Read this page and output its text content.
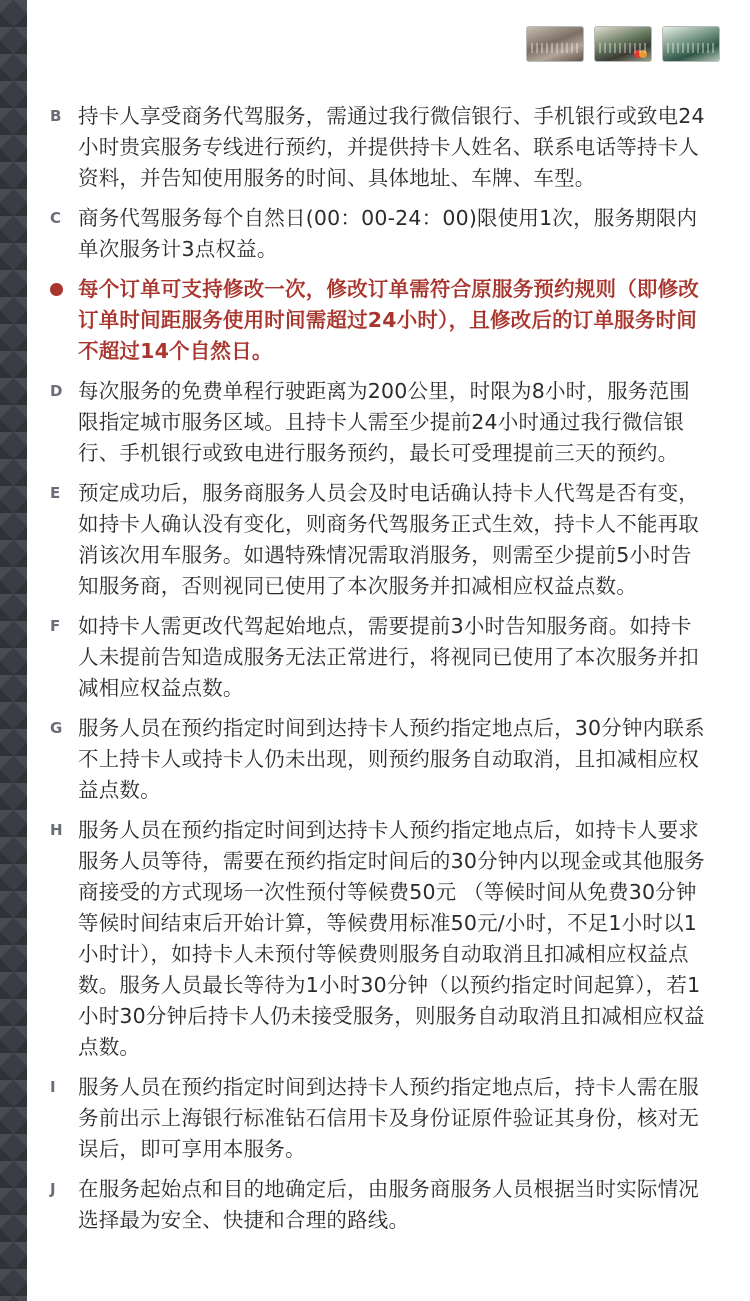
B 持卡人享受商务代驾服务，需通过我行微信银行、手机银行或致电24小时贵宾服务专线进行预约，并提供持卡人姓名、联系电话等持卡人资料，并告知使用服务的时间、具体地址、车牌、车型。
C 商务代驾服务每个自然日(00：00-24：00)限使用1次，服务期限内单次服务计3点权益。
每个订单可支持修改一次，修改订单需符合原服务预约规则（即修改订单时间距服务使用时间需超过24小时），且修改后的订单服务时间不超过14个自然日。
D 每次服务的免费单程行驶距离为200公里，时限为8小时，服务范围限指定城市服务区域。且持卡人需至少提前24小时通过我行微信银行、手机银行或致电进行服务预约，最长可受理提前三天的预约。
E 预定成功后，服务商服务人员会及时电话确认持卡人代驾是否有变，如持卡人确认没有变化，则商务代驾服务正式生效，持卡人不能再取消该次用车服务。如遇特殊情况需取消服务，则需至少提前5小时告知服务商，否则视同已使用了本次服务并扣减相应权益点数。
F 如持卡人需更改代驾起始地点，需要提前3小时告知服务商。如持卡人未提前告知造成服务无法正常进行，将视同已使用了本次服务并扣减相应权益点数。
G 服务人员在预约指定时间到达持卡人预约指定地点后，30分钟内联系不上持卡人或持卡人仍未出现，则预约服务自动取消，且扣减相应权益点数。
H 服务人员在预约指定时间到达持卡人预约指定地点后，如持卡人要求服务人员等待，需要在预约指定时间后的30分钟内以现金或其他服务商接受的方式现场一次性预付等候费50元 （等候时间从免费30分钟等候时间结束后开始计算，等候费用标准50元/小时，不足1小时以1小时计），如持卡人未预付等候费则服务自动取消且扣减相应权益点数。服务人员最长等待为1小时30分钟（以预约指定时间起算），若1小时30分钟后持卡人仍未接受服务，则服务自动取消且扣减相应权益点数。
I	服务人员在预约指定时间到达持卡人预约指定地点后，持卡人需在服务前出示上海银行标准钻石信用卡及身份证原件验证其身份，核对无误后，即可享用本服务。
J	在服务起始点和目的地确定后，由服务商服务人员根据当时实际情况选择最为安全、快捷和合理的路线。
